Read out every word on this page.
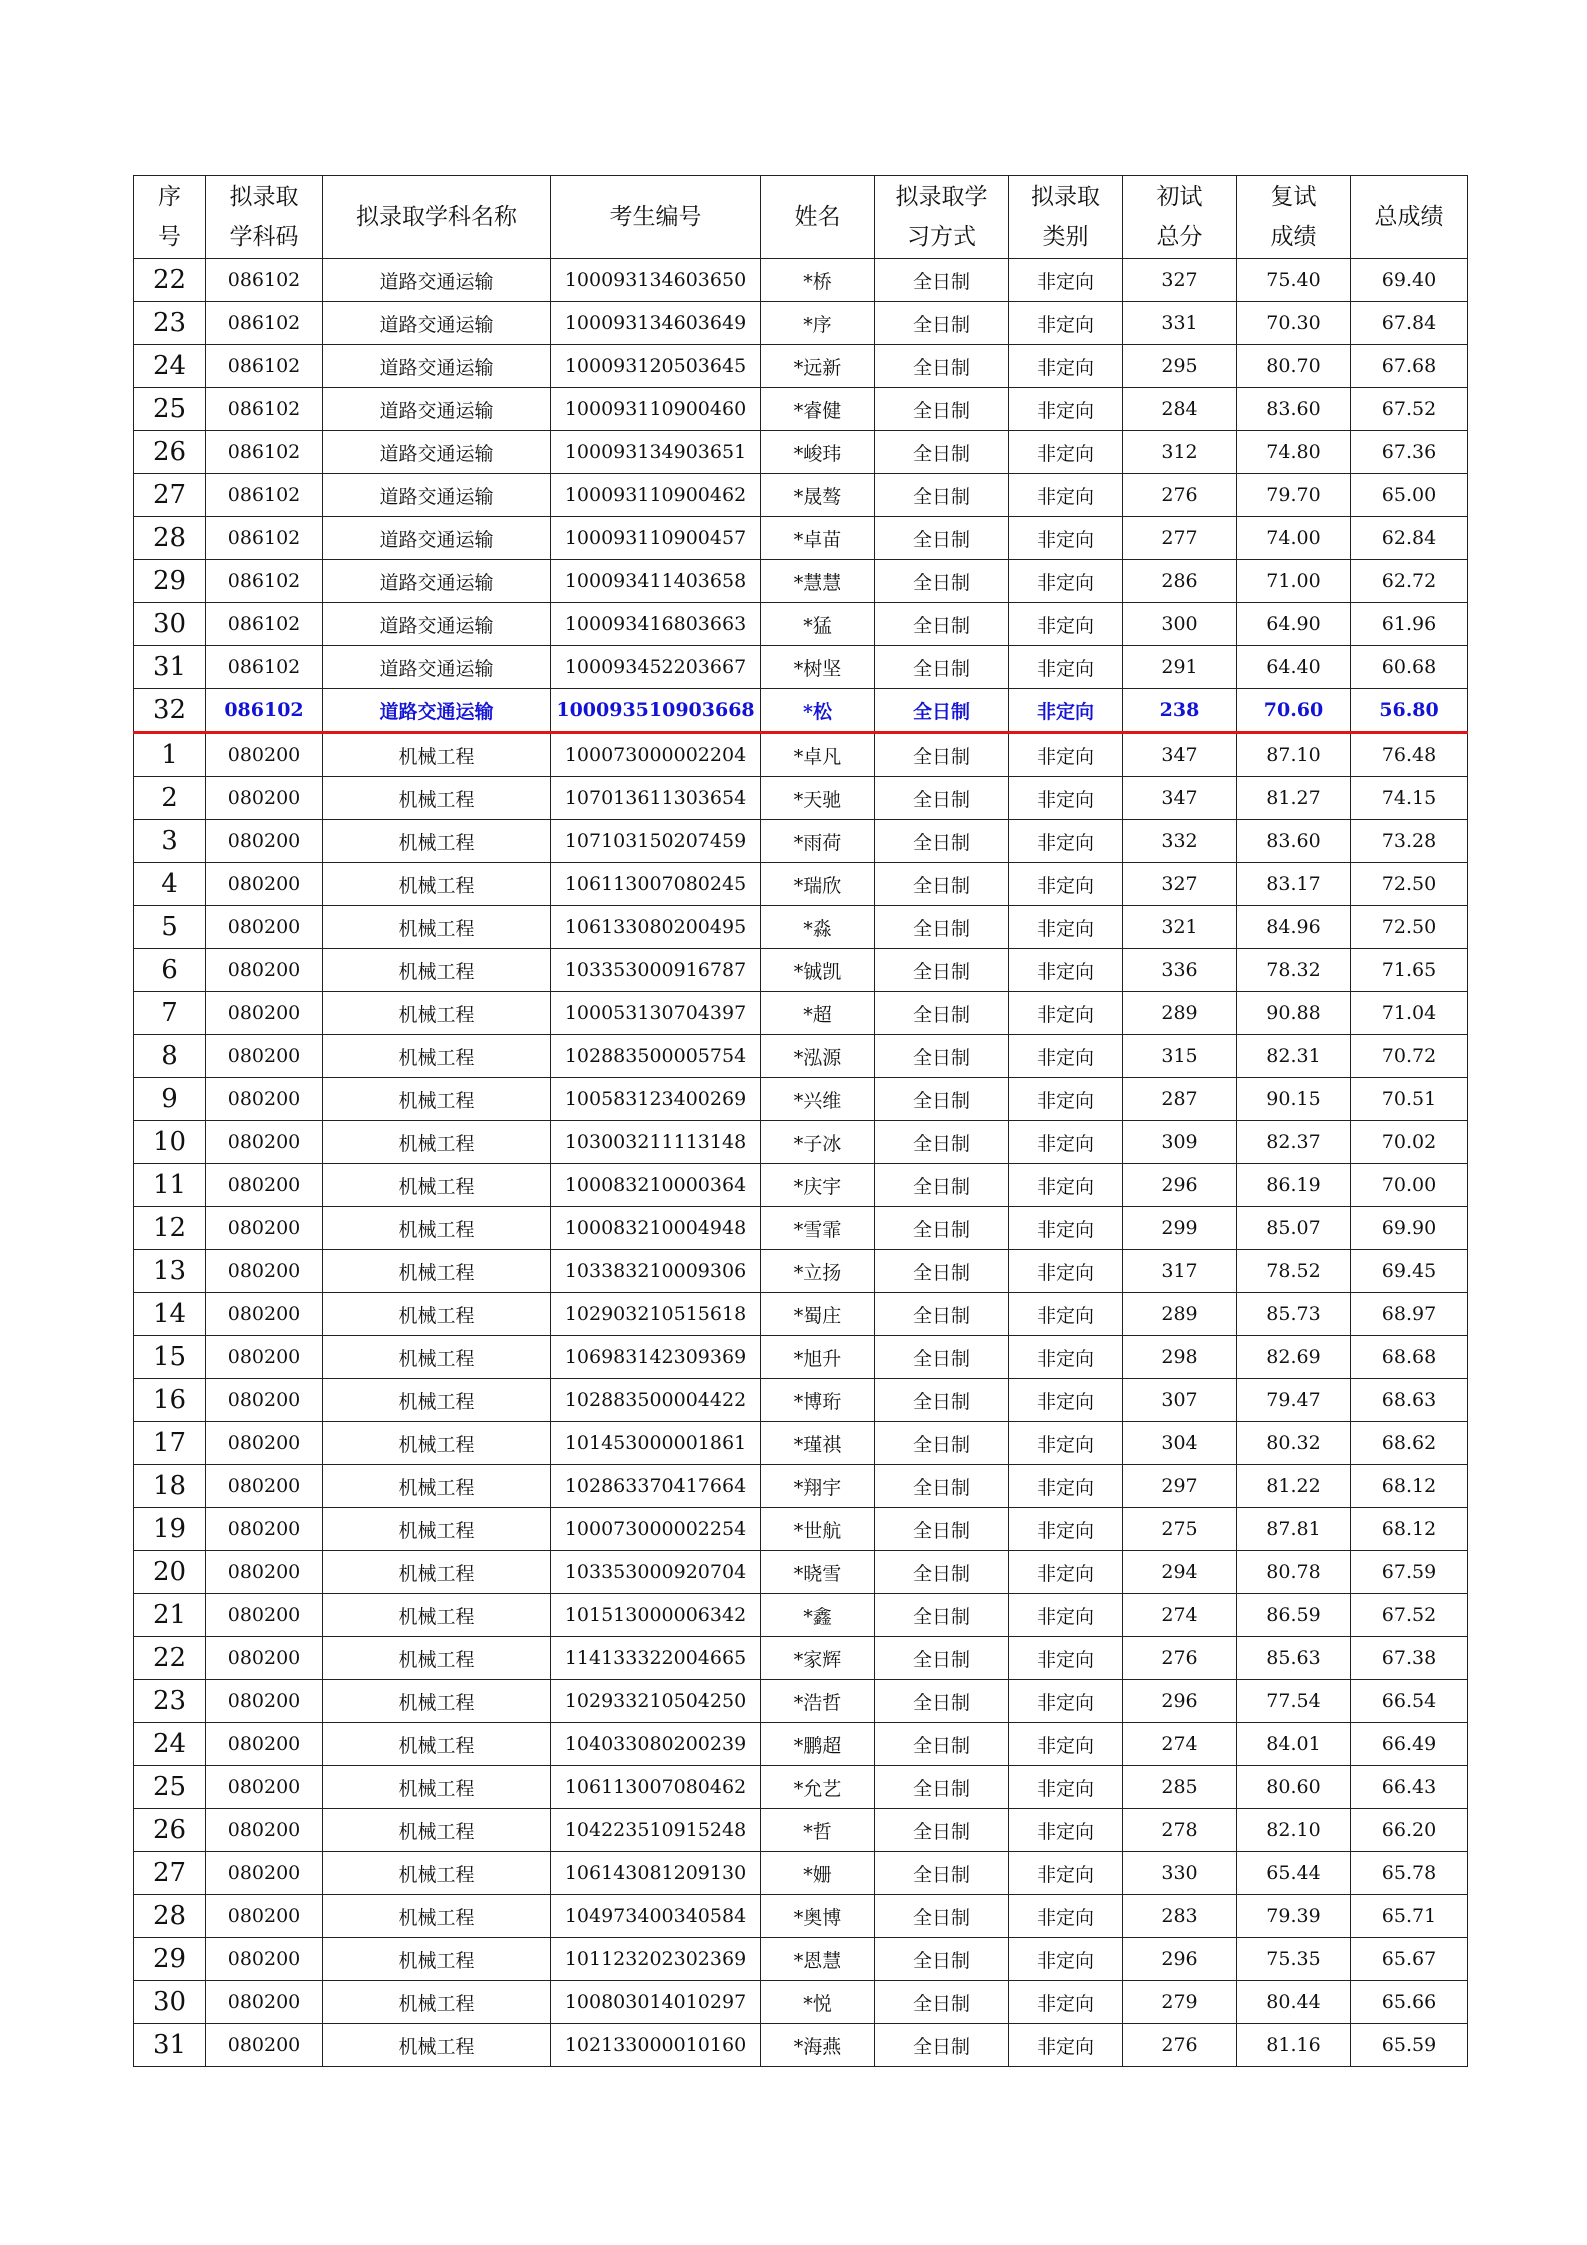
序号	拟录取学科码	拟录取学科名称	考生编号	姓名	拟录取学习方式	拟录取类别	初试总分	复试成绩	总成绩
22	086102	道路交通运输	100093134603650	*桥	全日制	非定向	327	75.40	69.40
23	086102	道路交通运输	100093134603649	*序	全日制	非定向	331	70.30	67.84
24	086102	道路交通运输	100093120503645	*远新	全日制	非定向	295	80.70	67.68
25	086102	道路交通运输	100093110900460	*睿健	全日制	非定向	284	83.60	67.52
26	086102	道路交通运输	100093134903651	*峻玮	全日制	非定向	312	74.80	67.36
27	086102	道路交通运输	100093110900462	*晟骜	全日制	非定向	276	79.70	65.00
28	086102	道路交通运输	100093110900457	*卓苗	全日制	非定向	277	74.00	62.84
29	086102	道路交通运输	100093411403658	*慧慧	全日制	非定向	286	71.00	62.72
30	086102	道路交通运输	100093416803663	*猛	全日制	非定向	300	64.90	61.96
31	086102	道路交通运输	100093452203667	*树坚	全日制	非定向	291	64.40	60.68
32	086102	道路交通运输	100093510903668	*松	全日制	非定向	238	70.60	56.80
1	080200	机械工程	100073000002204	*卓凡	全日制	非定向	347	87.10	76.48
2	080200	机械工程	107013611303654	*天驰	全日制	非定向	347	81.27	74.15
3	080200	机械工程	107103150207459	*雨荷	全日制	非定向	332	83.60	73.28
4	080200	机械工程	106113007080245	*瑞欣	全日制	非定向	327	83.17	72.50
5	080200	机械工程	106133080200495	*淼	全日制	非定向	321	84.96	72.50
6	080200	机械工程	103353000916787	*铖凯	全日制	非定向	336	78.32	71.65
7	080200	机械工程	100053130704397	*超	全日制	非定向	289	90.88	71.04
8	080200	机械工程	102883500005754	*泓源	全日制	非定向	315	82.31	70.72
9	080200	机械工程	100583123400269	*兴维	全日制	非定向	287	90.15	70.51
10	080200	机械工程	103003211113148	*子冰	全日制	非定向	309	82.37	70.02
11	080200	机械工程	100083210000364	*庆宇	全日制	非定向	296	86.19	70.00
12	080200	机械工程	100083210004948	*雪霏	全日制	非定向	299	85.07	69.90
13	080200	机械工程	103383210009306	*立扬	全日制	非定向	317	78.52	69.45
14	080200	机械工程	102903210515618	*蜀庄	全日制	非定向	289	85.73	68.97
15	080200	机械工程	106983142309369	*旭升	全日制	非定向	298	82.69	68.68
16	080200	机械工程	102883500004422	*博珩	全日制	非定向	307	79.47	68.63
17	080200	机械工程	101453000001861	*瑾祺	全日制	非定向	304	80.32	68.62
18	080200	机械工程	102863370417664	*翔宇	全日制	非定向	297	81.22	68.12
19	080200	机械工程	100073000002254	*世航	全日制	非定向	275	87.81	68.12
20	080200	机械工程	103353000920704	*晓雪	全日制	非定向	294	80.78	67.59
21	080200	机械工程	101513000006342	*鑫	全日制	非定向	274	86.59	67.52
22	080200	机械工程	114133322004665	*家辉	全日制	非定向	276	85.63	67.38
23	080200	机械工程	102933210504250	*浩哲	全日制	非定向	296	77.54	66.54
24	080200	机械工程	104033080200239	*鹏超	全日制	非定向	274	84.01	66.49
25	080200	机械工程	106113007080462	*允艺	全日制	非定向	285	80.60	66.43
26	080200	机械工程	104223510915248	*哲	全日制	非定向	278	82.10	66.20
27	080200	机械工程	106143081209130	*姗	全日制	非定向	330	65.44	65.78
28	080200	机械工程	104973400340584	*奥博	全日制	非定向	283	79.39	65.71
29	080200	机械工程	101123202302369	*恩慧	全日制	非定向	296	75.35	65.67
30	080200	机械工程	100803014010297	*悦	全日制	非定向	279	80.44	65.66
31	080200	机械工程	102133000010160	*海燕	全日制	非定向	276	81.16	65.59
